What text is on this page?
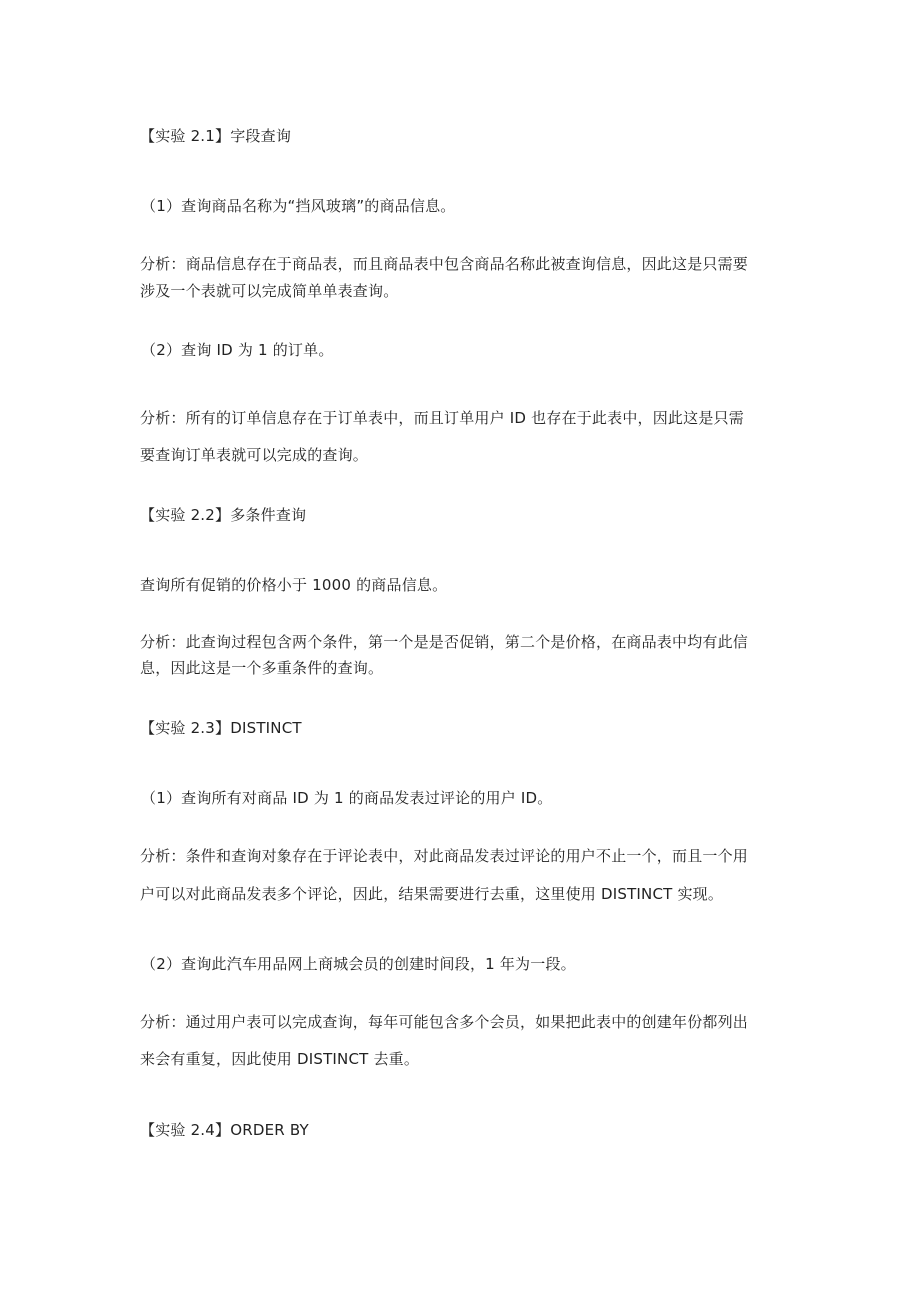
【实验 2.1】字段查询
（1）查询商品名称为“挡风玻璃”的商品信息。
分析：商品信息存在于商品表，而且商品表中包含商品名称此被查询信息，因此这是只需要
涉及一个表就可以完成简单单表查询。
（2）查询 ID 为 1 的订单。
分析：所有的订单信息存在于订单表中，而且订单用户 ID 也存在于此表中，因此这是只需
要查询订单表就可以完成的查询。
【实验 2.2】多条件查询
查询所有促销的价格小于 1000 的商品信息。
分析：此查询过程包含两个条件，第一个是是否促销，第二个是价格，在商品表中均有此信
息，因此这是一个多重条件的查询。
【实验 2.3】DISTINCT
（1）查询所有对商品 ID 为 1 的商品发表过评论的用户 ID。
分析：条件和查询对象存在于评论表中，对此商品发表过评论的用户不止一个，而且一个用
户可以对此商品发表多个评论，因此，结果需要进行去重，这里使用 DISTINCT 实现。
（2）查询此汽车用品网上商城会员的创建时间段，1 年为一段。
分析：通过用户表可以完成查询，每年可能包含多个会员，如果把此表中的创建年份都列出
来会有重复，因此使用 DISTINCT 去重。
【实验 2.4】ORDER BY
